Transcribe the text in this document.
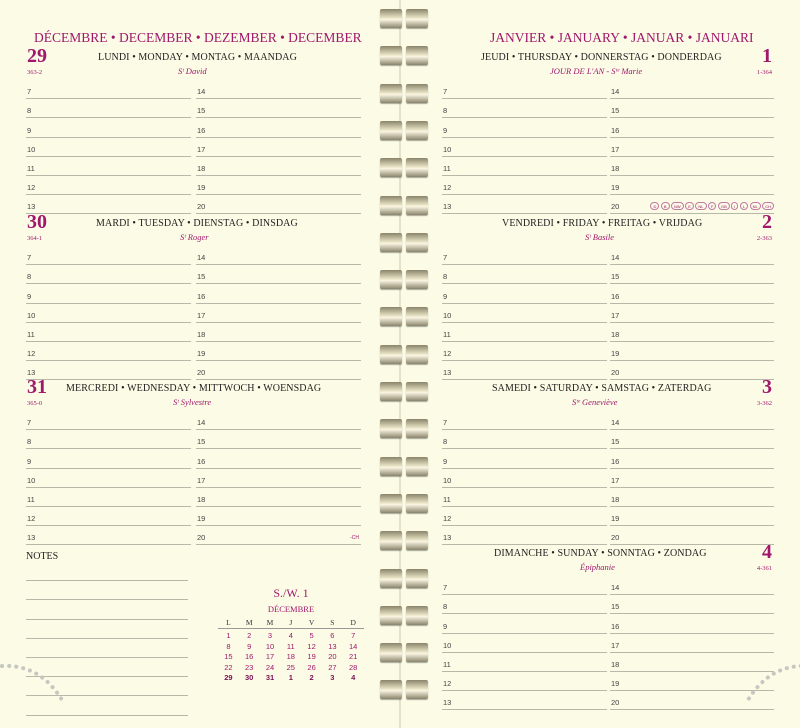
DÉCEMBRE • DECEMBER • DEZEMBER • DECEMBER
29
363-2
LUNDI • MONDAY • MONTAG • MAANDAG
Sᵗ David
7
8
9
10
11
12
13
14
15
16
17
18
19
20
30
364-1
MARDI • TUESDAY • DIENSTAG • DINSDAG
Sᵗ Roger
7
8
9
10
11
12
13
14
15
16
17
18
19
20
31
365-0
MERCREDI • WEDNESDAY • MITTWOCH • WOENSDAG
Sᵗ Sylvestre
7
8
9
10
11
12
13
14
15
16
17
18
19
20	-CH
NOTES
S./W. 1
DÉCEMBRE
L	M	M	J	V	S	D
1	2	3	4	5	6	7
8	9	10	11	12	13	14
15	16	17	18	19	20	21
22	23	24	25	26	27	28
29	30	31	1	2	3	4
JANVIER • JANUARY • JANUAR • JANUARI
1
1-364
JEUDI • THURSDAY • DONNERSTAG • DONDERDAG
JOUR DE L'AN - Sᵗᵉ Marie
7
8
9
10
11
12
13
14
15
16
17
18
19
20	D	B	NW	E	NL	F	GB	I	L	NL	CH
2
2-363
VENDREDI • FRIDAY • FREITAG • VRIJDAG
Sᵗ Basile
7
8
9
10
11
12
13
14
15
16
17
18
19
20
3
3-362
SAMEDI • SATURDAY • SAMSTAG • ZATERDAG
Sᵗᵉ Geneviève
7
8
9
10
11
12
13
14
15
16
17
18
19
20
4
4-361
DIMANCHE • SUNDAY • SONNTAG • ZONDAG
Épiphanie
7
8
9
10
11
12
13
14
15
16
17
18
19
20
